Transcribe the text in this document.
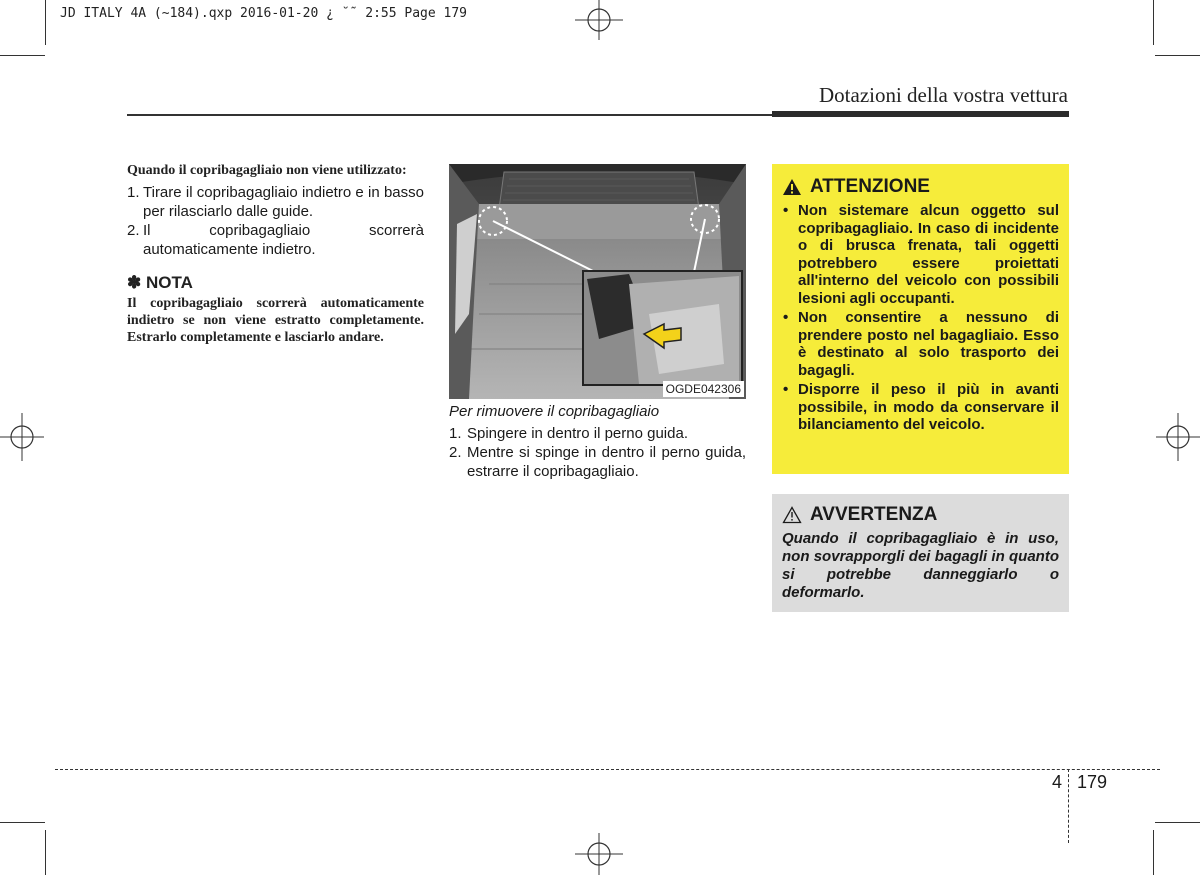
JD ITALY 4A (~184).qxp 2016-01-20 ¿ ˘˜ 2:55 Page 179
Dotazioni della vostra vettura
Quando il copribagagliaio non viene utilizzato:
1. Tirare il copribagagliaio indietro e in basso per rilasciarlo dalle guide.
2. Il copribagagliaio scorrerà automaticamente indietro.
✽ NOTA
Il copribagagliaio scorrerà automaticamente indietro se non viene estratto completamente. Estrarlo completamente e lasciarlo andare.
OGDE042306
Per rimuovere il copribagagliaio
1. Spingere in dentro il perno guida.
2. Mentre si spinge in dentro il perno guida, estrarre il copribagagliaio.
ATTENZIONE
• Non sistemare alcun oggetto sul copribagagliaio. In caso di incidente o di brusca frenata, tali oggetti potrebbero essere proiettati all'interno del veicolo con possibili lesioni agli occupanti.
• Non consentire a nessuno di prendere posto nel bagagliaio. Esso è destinato al solo trasporto dei bagagli.
• Disporre il peso il più in avanti possibile, in modo da conservare il bilanciamento del veicolo.
AVVERTENZA
Quando il copribagagliaio è in uso, non sovrapporgli dei bagagli in quanto si potrebbe danneggiarlo o deformarlo.
4 179
